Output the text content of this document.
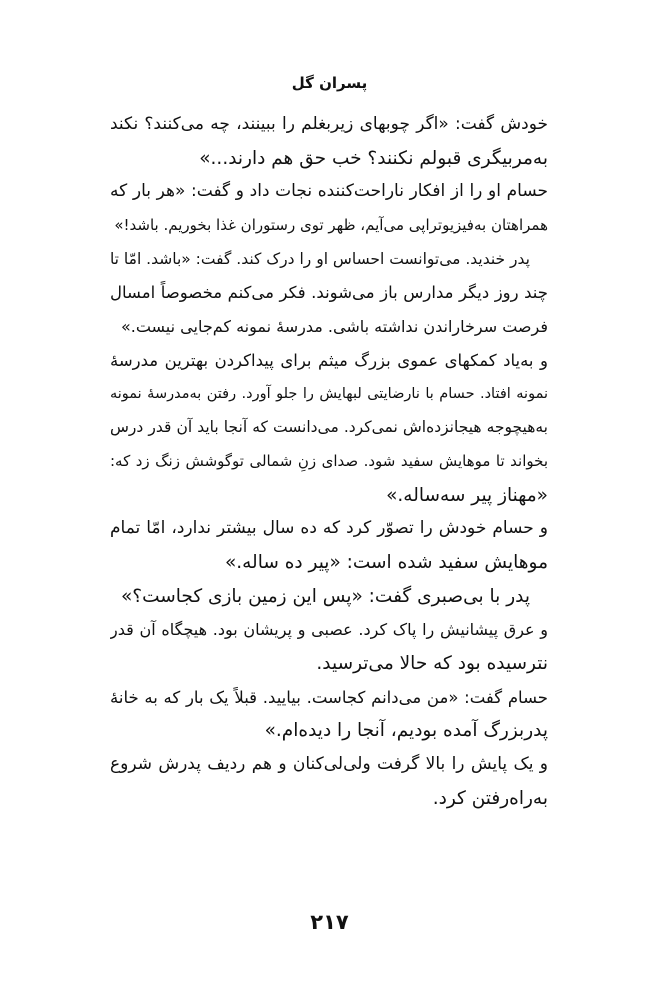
پسران گل
خودش گفت: «اگر چوبهای زیربغلم را ببینند، چه می‌کنند؟ نکند
به‌مربیگری قبولم نکنند؟ خب حق هم دارند...»
حسام او را از افکار ناراحت‌کننده نجات داد و گفت: «هر بار که
همراهتان به‌فیزیوتراپی می‌آیم، ظهر توی رستوران غذا بخوریم. باشد!»
پدر خندید. می‌توانست احساس او را درک کند. گفت: «باشد. امّا تا
چند روز دیگر مدارس باز می‌شوند. فکر می‌کنم مخصوصاً امسال
فرصت سرخاراندن نداشته باشی. مدرسهٔ نمونه کم‌جایی نیست.»
و به‌یاد کمکهای عموی بزرگ میثم برای پیداکردن بهترین مدرسهٔ
نمونه افتاد. حسام با نارضایتی لبهایش را جلو آورد. رفتن به‌مدرسهٔ نمونه
به‌هیچوجه هیجانزده‌اش نمی‌کرد. می‌دانست که آنجا باید آن قدر درس
بخواند تا موهایش سفید شود. صدای زنِ شمالی توگوشش زنگ زد که:
«مهناز پیر سه‌ساله.»
و حسام خودش را تصوّر کرد که ده سال بیشتر ندارد، امّا تمام
موهایش سفید شده است: «پیر ده ساله.»
پدر با بی‌صبری گفت: «پس این زمین بازی کجاست؟»
و عرق پیشانیش را پاک کرد. عصبی و پریشان بود. هیچگاه آن قدر
نترسیده بود که حالا می‌ترسید.
حسام گفت: «من می‌دانم کجاست. بیایید. قبلاً یک بار که به خانهٔ
پدربزرگ آمده بودیم، آنجا را دیده‌ام.»
و یک پایش را بالا گرفت ولی‌لی‌کنان و هم ردیف پدرش شروع
به‌راه‌رفتن کرد.
۲۱۷
